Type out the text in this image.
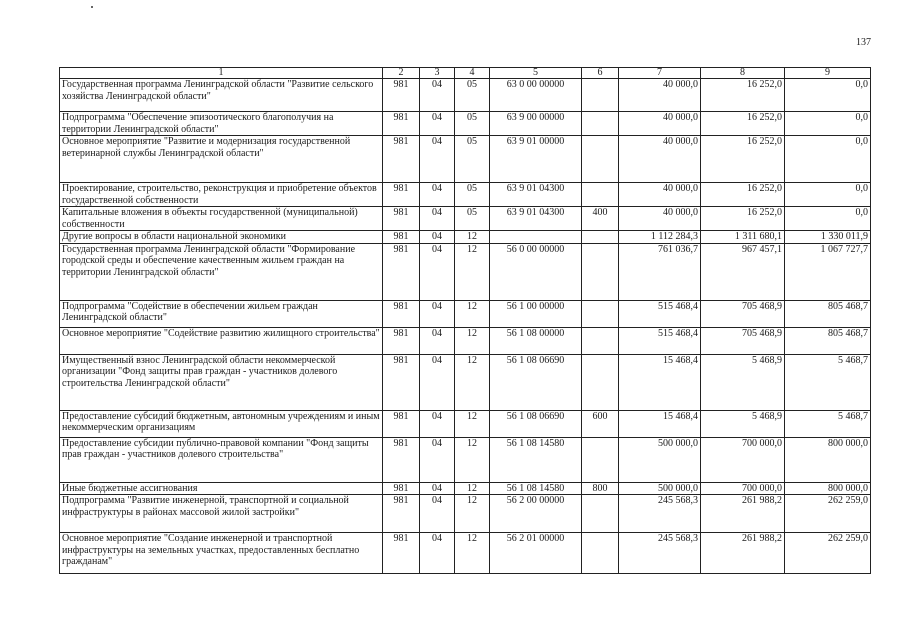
137
1	2	3	4	5	6	7	8	9
Государственная программа Ленинградской области "Развитие сельского хозяйства Ленинградской области"	981	04	05	63 0 00 00000		40 000,0	16 252,0	0,0
Подпрограмма "Обеспечение эпизоотического благополучия на территории Ленинградской области"	981	04	05	63 9 00 00000		40 000,0	16 252,0	0,0
Основное мероприятие "Развитие и модернизация государственной ветеринарной службы Ленинградской области"	981	04	05	63 9 01 00000		40 000,0	16 252,0	0,0
Проектирование, строительство, реконструкция и приобретение объектов государственной собственности	981	04	05	63 9 01 04300		40 000,0	16 252,0	0,0
Капитальные вложения в объекты государственной (муниципальной) собственности	981	04	05	63 9 01 04300	400	40 000,0	16 252,0	0,0
Другие вопросы в области национальной экономики	981	04	12			1 112 284,3	1 311 680,1	1 330 011,9
Государственная программа Ленинградской области "Формирование городской среды и обеспечение качественным жильем граждан на территории Ленинградской области"	981	04	12	56 0 00 00000		761 036,7	967 457,1	1 067 727,7
Подпрограмма "Содействие в обеспечении жильем граждан Ленинградской области"	981	04	12	56 1 00 00000		515 468,4	705 468,9	805 468,7
Основное мероприятие "Содействие развитию жилищного строительства"	981	04	12	56 1 08 00000		515 468,4	705 468,9	805 468,7
Имущественный взнос Ленинградской области некоммерческой организации "Фонд защиты прав граждан - участников долевого строительства Ленинградской области"	981	04	12	56 1 08 06690		15 468,4	5 468,9	5 468,7
Предоставление субсидий бюджетным, автономным учреждениям и иным некоммерческим организациям	981	04	12	56 1 08 06690	600	15 468,4	5 468,9	5 468,7
Предоставление субсидии публично-правовой компании "Фонд защиты прав граждан - участников долевого строительства"	981	04	12	56 1 08 14580		500 000,0	700 000,0	800 000,0
Иные бюджетные ассигнования	981	04	12	56 1 08 14580	800	500 000,0	700 000,0	800 000,0
Подпрограмма "Развитие инженерной, транспортной и социальной инфраструктуры в районах массовой жилой застройки"	981	04	12	56 2 00 00000		245 568,3	261 988,2	262 259,0
Основное мероприятие "Создание инженерной и транспортной инфраструктуры на земельных участках, предоставленных бесплатно гражданам"	981	04	12	56 2 01 00000		245 568,3	261 988,2	262 259,0
